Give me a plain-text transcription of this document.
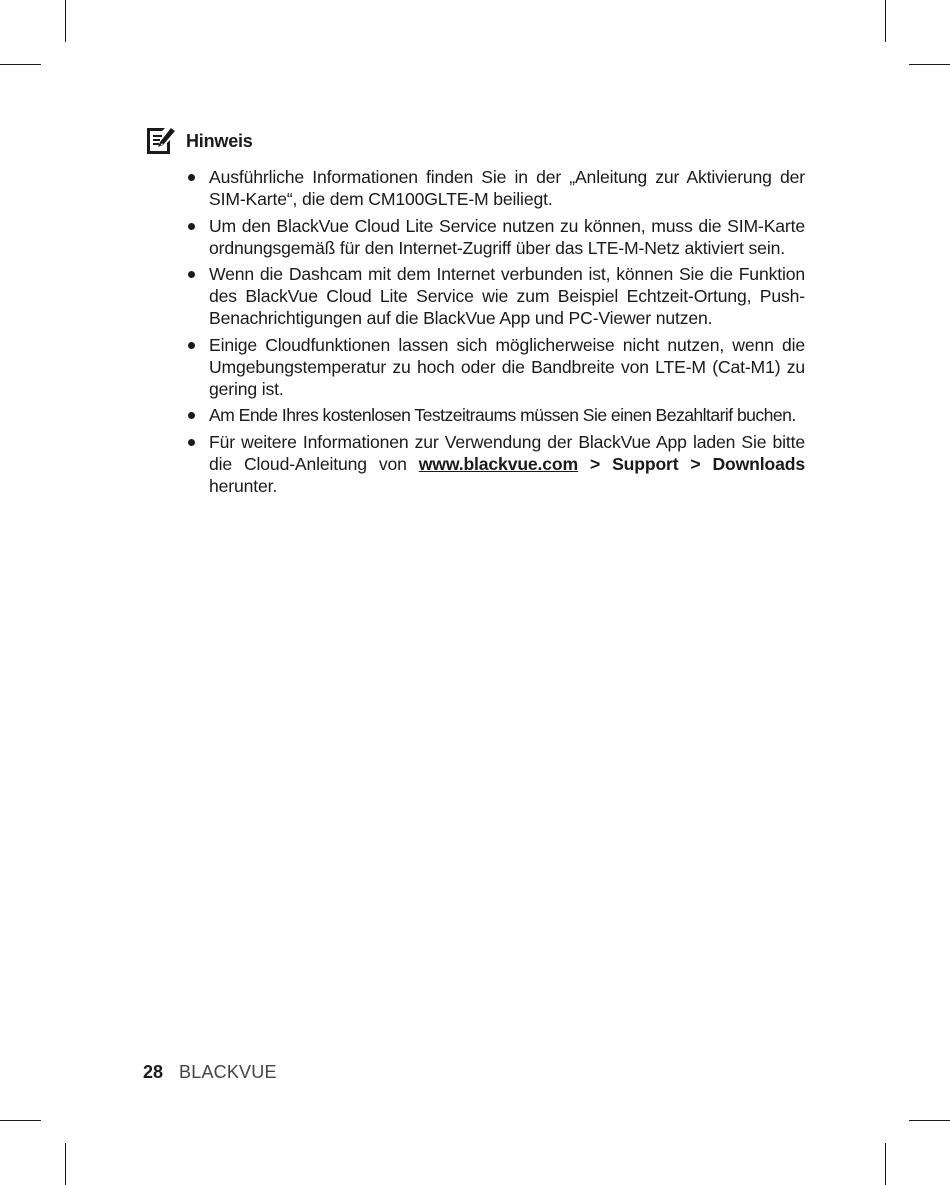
Hinweis
Ausführliche Informationen finden Sie in der „Anleitung zur Aktivierung der SIM-Karte“, die dem CM100GLTE-M beiliegt.
Um den BlackVue Cloud Lite Service nutzen zu können, muss die SIM-Karte ordnungsgemäß für den Internet-Zugriff über das LTE-M-Netz aktiviert sein.
Wenn die Dashcam mit dem Internet verbunden ist, können Sie die Funktion des BlackVue Cloud Lite Service wie zum Beispiel Echtzeit-Ortung, Push-Benachrichtigungen auf die BlackVue App und PC-Viewer nutzen.
Einige Cloudfunktionen lassen sich möglicherweise nicht nutzen, wenn die Umgebungstemperatur zu hoch oder die Bandbreite von LTE-M (Cat-M1) zu gering ist.
Am Ende Ihres kostenlosen Testzeitraums müssen Sie einen Bezahltarif buchen.
Für weitere Informationen zur Verwendung der BlackVue App laden Sie bitte die Cloud-Anleitung von www.blackvue.com > Support > Downloads herunter.
28 BLACKVUE
